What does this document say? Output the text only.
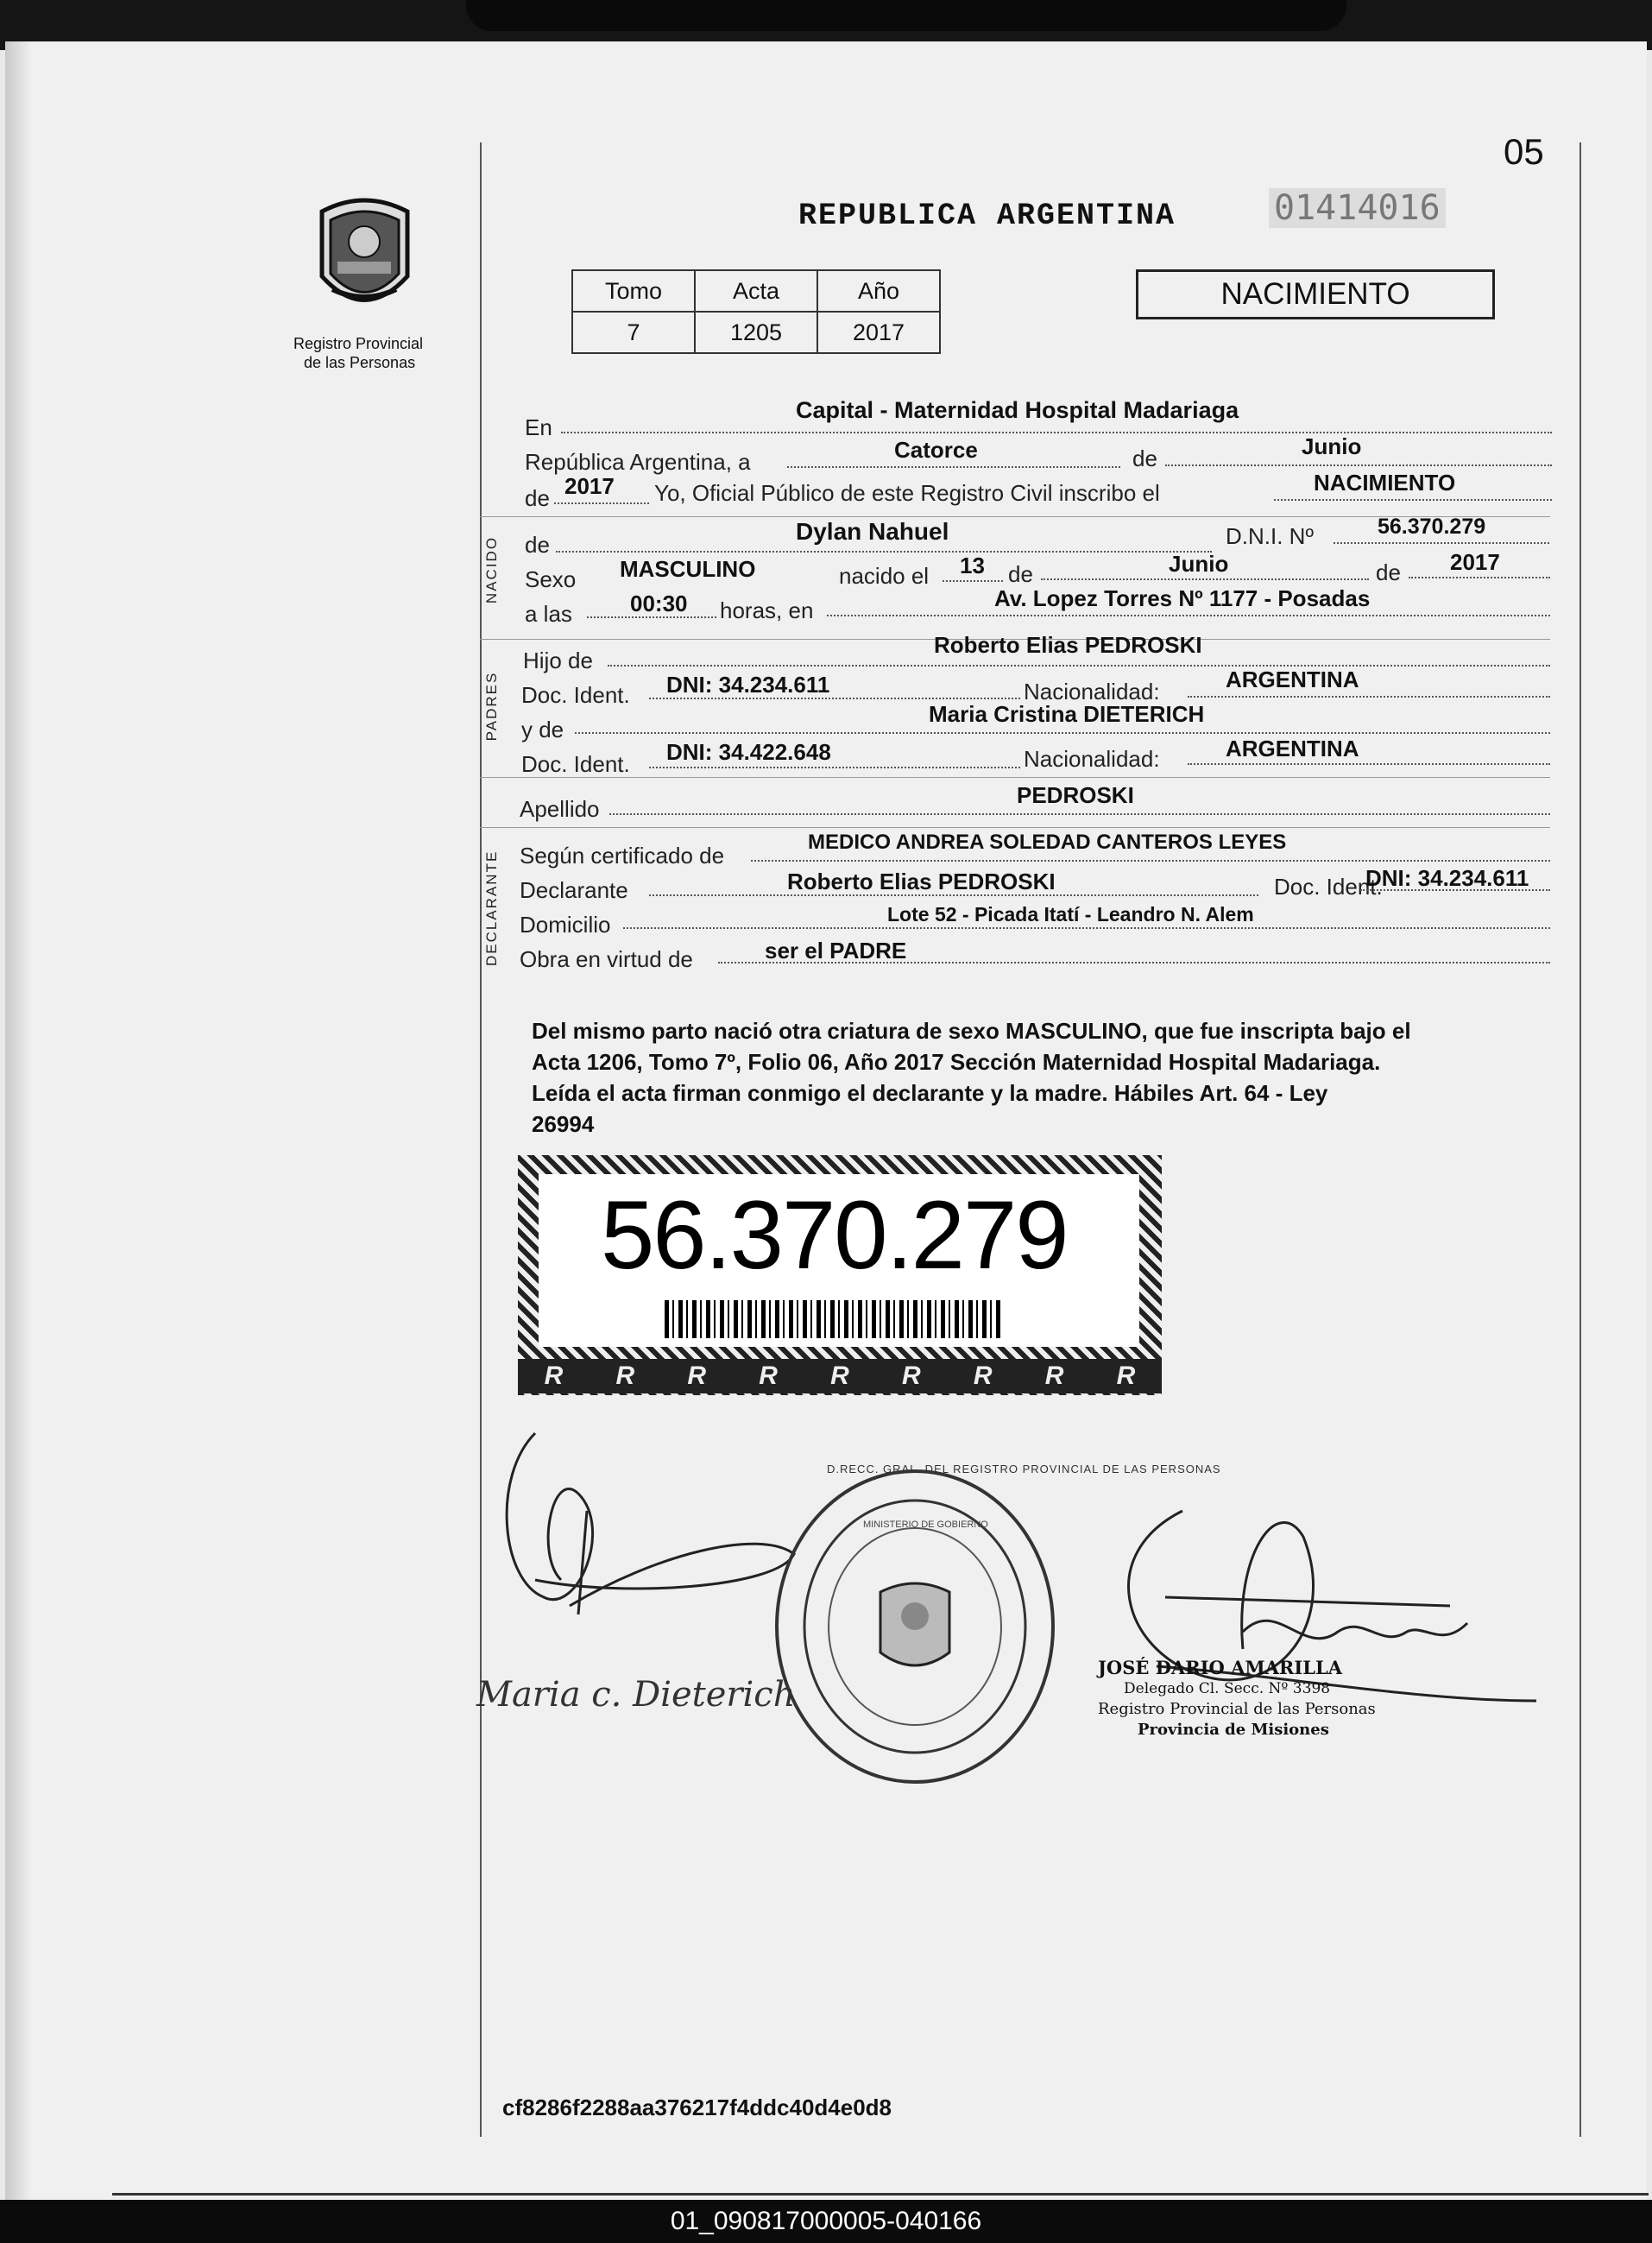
05
Registro Provincial
de las Personas
REPUBLICA ARGENTINA	01414016
Tomo	Acta	Año
7	1205	2017
NACIMIENTO
En
Capital - Maternidad Hospital Madariaga
República Argentina, a	Catorce	de	Junio
de 2017 Yo, Oficial Público de este Registro Civil inscribo el	NACIMIENTO
NACIDO de	Dylan Nahuel	D.N.I. Nº	56.370.279
Sexo MASCULINO	nacido el 13 de	Junio	de 2017
a las	00:30 horas, en	Av. Lopez Torres Nº 1177 - Posadas
PADRES
Hijo de
Roberto Elias PEDROSKI
Doc. Ident. DNI: 34.234.611	Nacionalidad:	ARGENTINA
y de
Maria Cristina DIETERICH
Doc. Ident. DNI: 34.422.648	Nacionalidad:	ARGENTINA
Apellido
PEDROSKI
DECLARANTE Según certificado de
MEDICO ANDREA SOLEDAD CANTEROS LEYES
Declarante	Roberto Elias PEDROSKI	Doc. Ident.
DNI: 34.234.611
Domicilio	Lote 52 - Picada Itatí - Leandro N. Alem
Obra en virtud de	ser el PADRE
Del mismo parto nació otra criatura de sexo MASCULINO, que fue inscripta bajo el
Acta 1206, Tomo 7º, Folio 06, Año 2017 Sección Maternidad Hospital Madariaga.
Leída el acta firman conmigo el declarante y la madre. Hábiles Art. 64 - Ley
26994
56.370.279
R R R R R R R R R
Maria c. Dieterich
D.RECC. GRAL. DEL REGISTRO PROVINCIAL DE LAS PERSONAS
MINISTERIO DE GOBIERNO
JOSÉ DARIO AMARILLA
Delegado Cl. Secc. Nº 3398
Registro Provincial de las Personas
Provincia de Misiones
cf8286f2288aa376217f4ddc40d4e0d8
01_090817000005-040166
